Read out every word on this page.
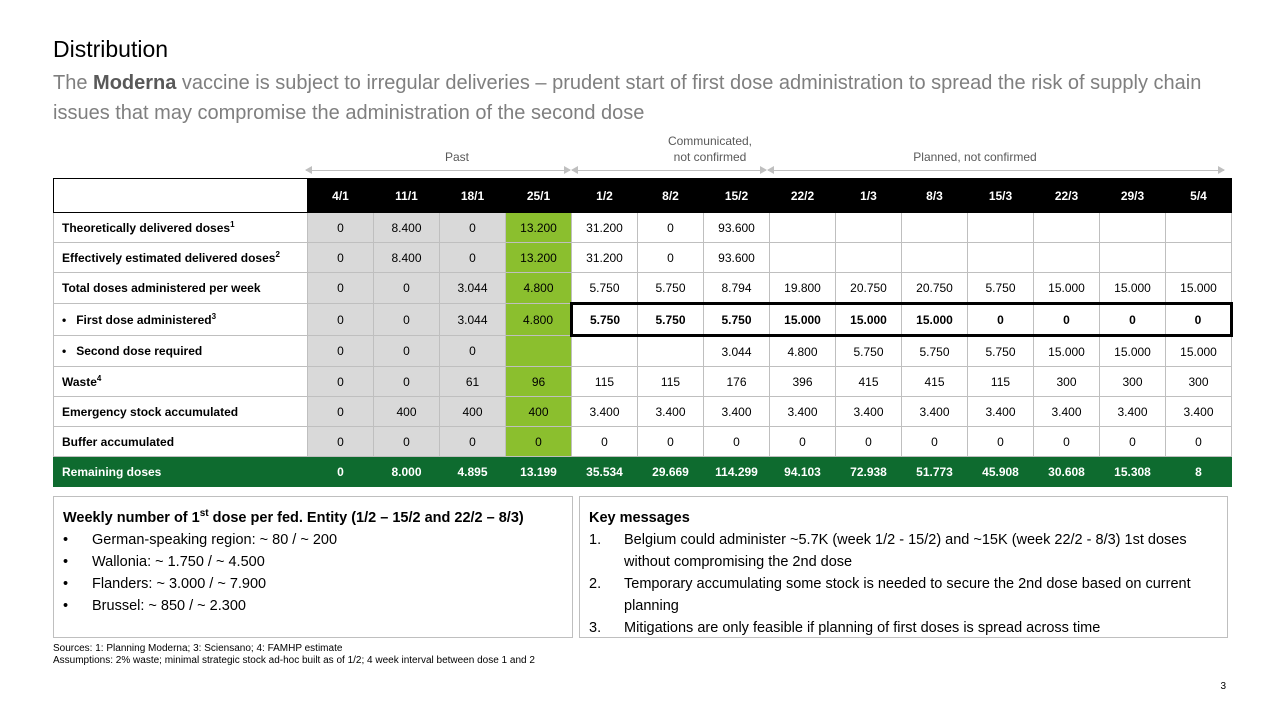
Distribution
The Moderna vaccine is subject to irregular deliveries – prudent start of first dose administration to spread the risk of supply chain issues that may compromise the administration of the second dose
Past
Communicated,
not confirmed	Planned, not confirmed
	4/1	11/1	18/1	25/1	1/2	8/2	15/2	22/2	1/3	8/3	15/3	22/3	29/3	5/4
Theoretically delivered doses$^1$	0	8.400	0	13.200	31.200	0	93.600							
Effectively estimated delivered doses$^2$	0	8.400	0	13.200	31.200	0	93.600							
Total doses administered per week	0	0	3.044	4.800	5.750	5.750	8.794	19.800	20.750	20.750	5.750	15.000	15.000	15.000
• First dose administered$^3$	0	0	3.044	4.800	5.750	5.750	5.750	15.000	15.000	15.000	0	0	0	0
• Second dose required	0	0	0				3.044	4.800	5.750	5.750	5.750	15.000	15.000	15.000
Waste$^4$	0	0	61	96	115	115	176	396	415	415	115	300	300	300
Emergency stock accumulated	0	400	400	400	3.400	3.400	3.400	3.400	3.400	3.400	3.400	3.400	3.400	3.400
Buffer accumulated	0	0	0	0	0	0	0	0	0	0	0	0	0	0
Remaining doses	0	8.000	4.895	13.199	35.534	29.669	114.299	94.103	72.938	51.773	45.908	30.608	15.308	8
Weekly number of 1st dose per fed. Entity (1/2 – 15/2 and 22/2 – 8/3)
• German-speaking region: ~ 80 / ~ 200
• Wallonia: ~ 1.750 / ~ 4.500
• Flanders: ~ 3.000 / ~ 7.900
• Brussel: ~ 850 / ~ 2.300
Key messages
1. Belgium could administer ~5.7K (week 1/2 - 15/2) and ~15K (week 22/2 - 8/3) 1st doses without compromising the 2nd dose
2. Temporary accumulating some stock is needed to secure the 2nd dose based on current planning
3. Mitigations are only feasible if planning of first doses is spread across time
Sources: 1: Planning Moderna; 3: Sciensano; 4: FAMHP estimate
Assumptions: 2% waste; minimal strategic stock ad-hoc built as of 1/2; 4 week interval between dose 1 and 2
3
